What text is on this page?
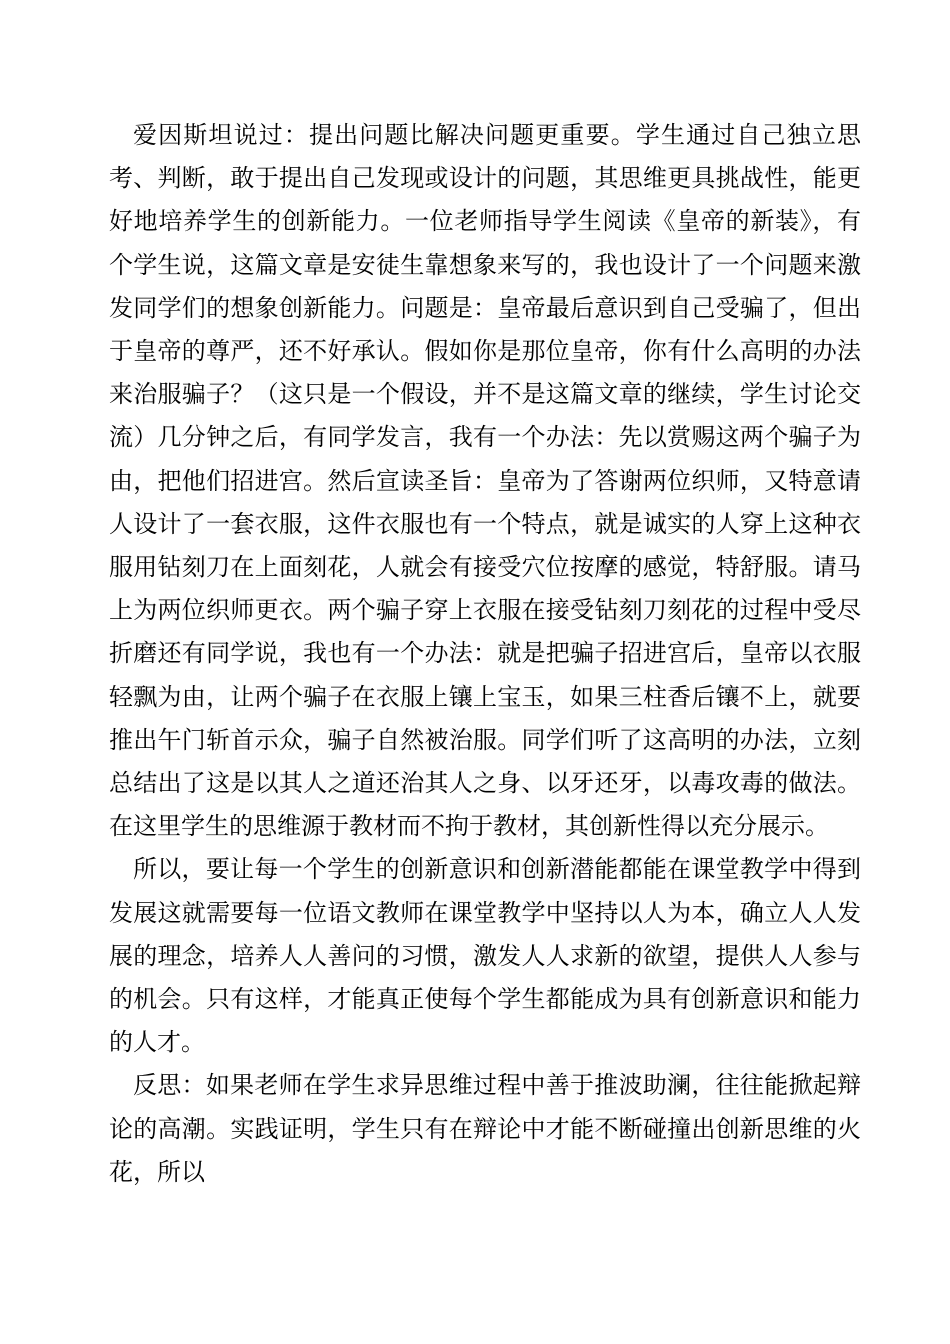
爱因斯坦说过：提出问题比解决问题更重要。学生通过自己独立思考、判断，敢于提出自己发现或设计的问题，其思维更具挑战性，能更好地培养学生的创新能力。一位老师指导学生阅读《皇帝的新装》，有个学生说，这篇文章是安徒生靠想象来写的，我也设计了一个问题来激发同学们的想象创新能力。问题是：皇帝最后意识到自己受骗了，但出于皇帝的尊严，还不好承认。假如你是那位皇帝，你有什么高明的办法来治服骗子？（这只是一个假设，并不是这篇文章的继续，学生讨论交流）几分钟之后，有同学发言，我有一个办法：先以赏赐这两个骗子为由，把他们招进宫。然后宣读圣旨：皇帝为了答谢两位织师，又特意请人设计了一套衣服，这件衣服也有一个特点，就是诚实的人穿上这种衣服用钻刻刀在上面刻花，人就会有接受穴位按摩的感觉，特舒服。请马上为两位织师更衣。两个骗子穿上衣服在接受钻刻刀刻花的过程中受尽折磨还有同学说，我也有一个办法：就是把骗子招进宫后，皇帝以衣服轻飘为由，让两个骗子在衣服上镶上宝玉，如果三柱香后镶不上，就要推出午门斩首示众，骗子自然被治服。同学们听了这高明的办法，立刻总结出了这是以其人之道还治其人之身、以牙还牙，以毒攻毒的做法。在这里学生的思维源于教材而不拘于教材，其创新性得以充分展示。

所以，要让每一个学生的创新意识和创新潜能都能在课堂教学中得到发展这就需要每一位语文教师在课堂教学中坚持以人为本，确立人人发展的理念，培养人人善问的习惯，激发人人求新的欲望，提供人人参与的机会。只有这样，才能真正使每个学生都能成为具有创新意识和能力的人才。

反思：如果老师在学生求异思维过程中善于推波助澜，往往能掀起辩论的高潮。实践证明，学生只有在辩论中才能不断碰撞出创新思维的火花，所以
